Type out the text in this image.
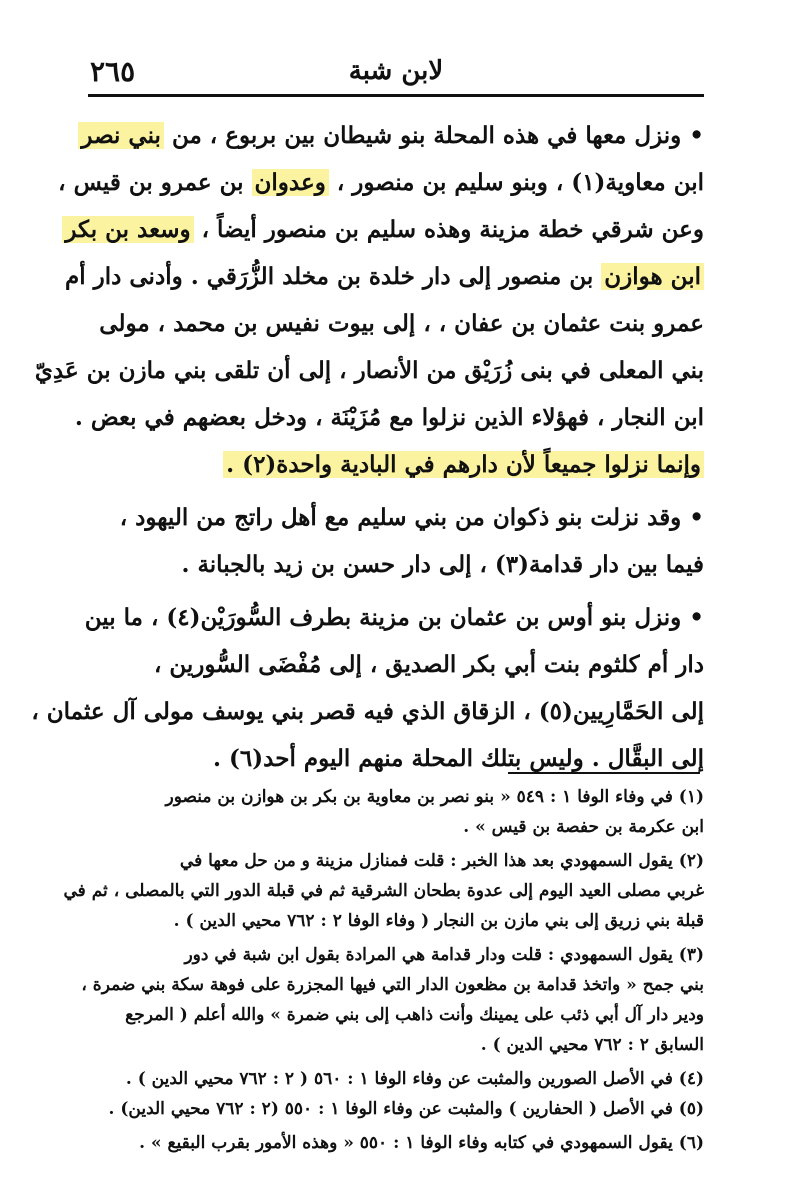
٢٦٥	لابن شبة
• ونزل معها في هذه المحلة بنو شيطان بين بربوع ، من بني نصر
ابن معاوية(١) ، وبنو سليم بن منصور ، وعدوان بن عمرو بن قيس ،
وعن شرقي خطة مزينة وهذه سليم بن منصور أيضاً ، وسعد بن بكر
ابن هوازن بن منصور إلى دار خلدة بن مخلد الزُّرَقي . وأدنى دار أم
عمرو بنت عثمان بن عفان ، ، إلى بيوت نفيس بن محمد ، مولى
بني المعلى في بنى زُرَيْق من الأنصار ، إلى أن تلقى بني مازن بن عَدِيّ
ابن النجار ، فهؤلاء الذين نزلوا مع مُزَيْنَة ، ودخل بعضهم في بعض .
وإنما نزلوا جميعاً لأن دارهم في البادية واحدة(٢) .
• وقد نزلت بنو ذكوان من بني سليم مع أهل راتج من اليهود ،
فيما بين دار قدامة(٣) ، إلى دار حسن بن زيد بالجبانة .
• ونزل بنو أوس بن عثمان بن مزينة بطرف السُّورَيْن(٤) ، ما بين
دار أم كلثوم بنت أبي بكر الصديق ، إلى مُفْضَى السُّورين ،
إلى الحَمَّارِيين(٥) ، الزقاق الذي فيه قصر بني يوسف مولى آل عثمان ،
إلى البقَّال . وليس بتلك المحلة منهم اليوم أحد(٦) .
(١) في وفاء الوفا ١ : ٥٤٩ « بنو نصر بن معاوية بن بكر بن هوازن بن منصور
ابن عكرمة بن حفصة بن قيس » .
(٢) يقول السمهودي بعد هذا الخبر : قلت فمنازل مزينة و من حل معها في
غربي مصلى العيد اليوم إلى عدوة بطحان الشرقية ثم في قبلة الدور التي بالمصلى ، ثم في
قبلة بني زريق إلى بني مازن بن النجار ( وفاء الوفا ٢ : ٧٦٢ محيي الدين ) .
(٣) يقول السمهودي : قلت ودار قدامة هي المرادة بقول ابن شبة في دور
بني جمح « واتخذ قدامة بن مظعون الدار التي فيها المجزرة على فوهة سكة بني ضمرة ،
ودير دار آل أبي ذئب على يمينك وأنت ذاهب إلى بني ضمرة » والله أعلم ( المرجع
السابق ٢ : ٧٦٢ محيي الدين ) .
(٤) في الأصل الصورين والمثبت عن وفاء الوفا ١ : ٥٦٠ ( ٢ : ٧٦٢ محيي الدين ) .
(٥) في الأصل ( الحفارين ) والمثبت عن وفاء الوفا ١ : ٥٥٠ (٢ : ٧٦٢ محيي الدين) .
(٦) يقول السمهودي في كتابه وفاء الوفا ١ : ٥٥٠ « وهذه الأمور بقرب البقيع » .
